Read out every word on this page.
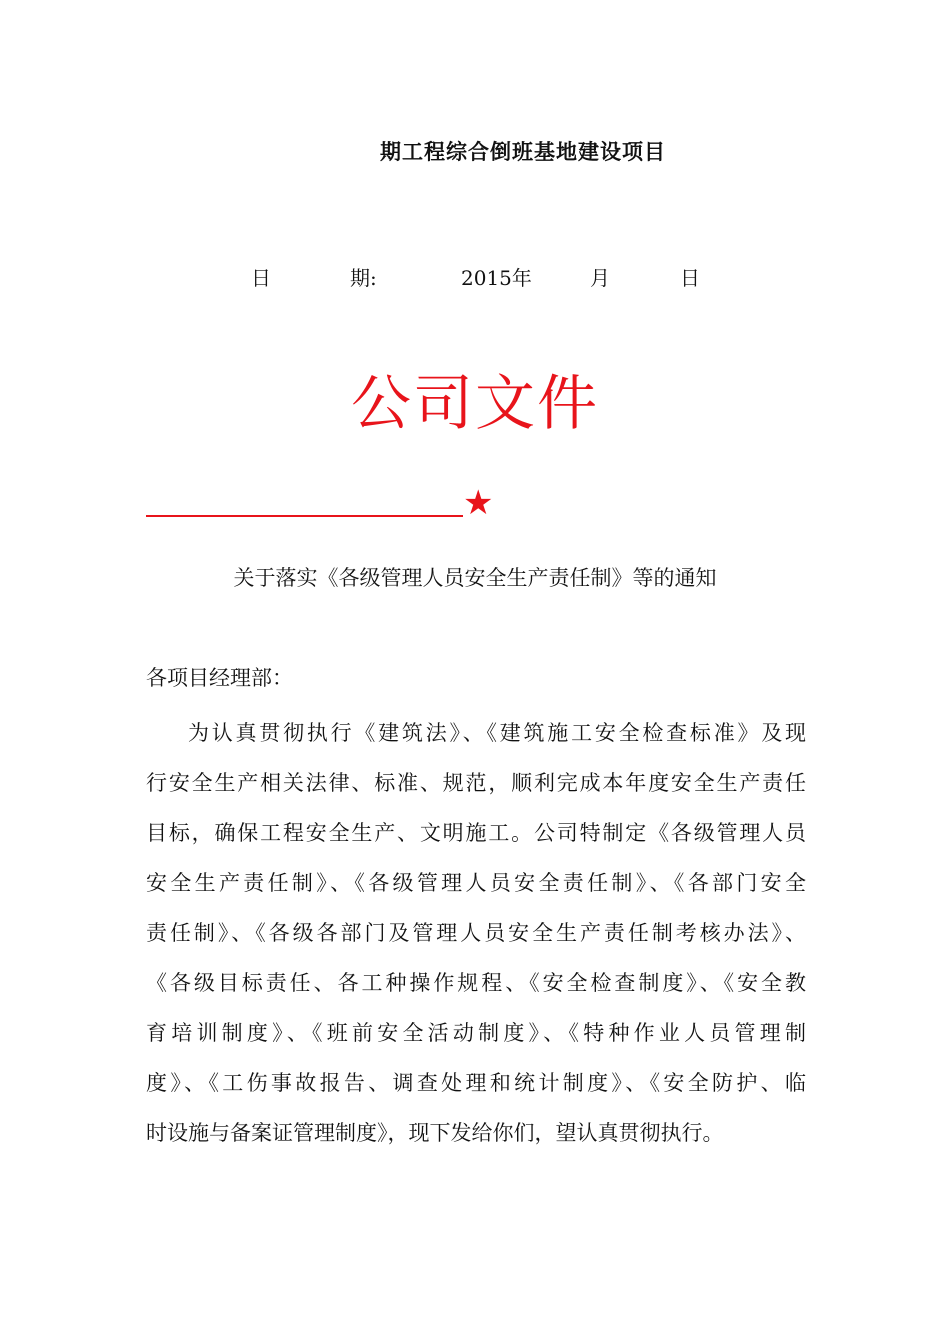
期工程综合倒班基地建设项目
日	期:	2015年	月	日
公司文件
★
关于落实《各级管理人员安全生产责任制》等的通知
各项目经理部：
为认真贯彻执行《建筑法》、《建筑施工安全检查标准》及现
行安全生产相关法律、标准、规范，顺利完成本年度安全生产责任
目标，确保工程安全生产、文明施工。公司特制定《各级管理人员
安全生产责任制》、《各级管理人员安全责任制》、《各部门安全
责任制》、《各级各部门及管理人员安全生产责任制考核办法》、
《各级目标责任、各工种操作规程、《安全检查制度》、《安全教
育培训制度》、《班前安全活动制度》、《特种作业人员管理制
度》、《工伤事故报告、调查处理和统计制度》、《安全防护、临
时设施与备案证管理制度》，现下发给你们，望认真贯彻执行。
